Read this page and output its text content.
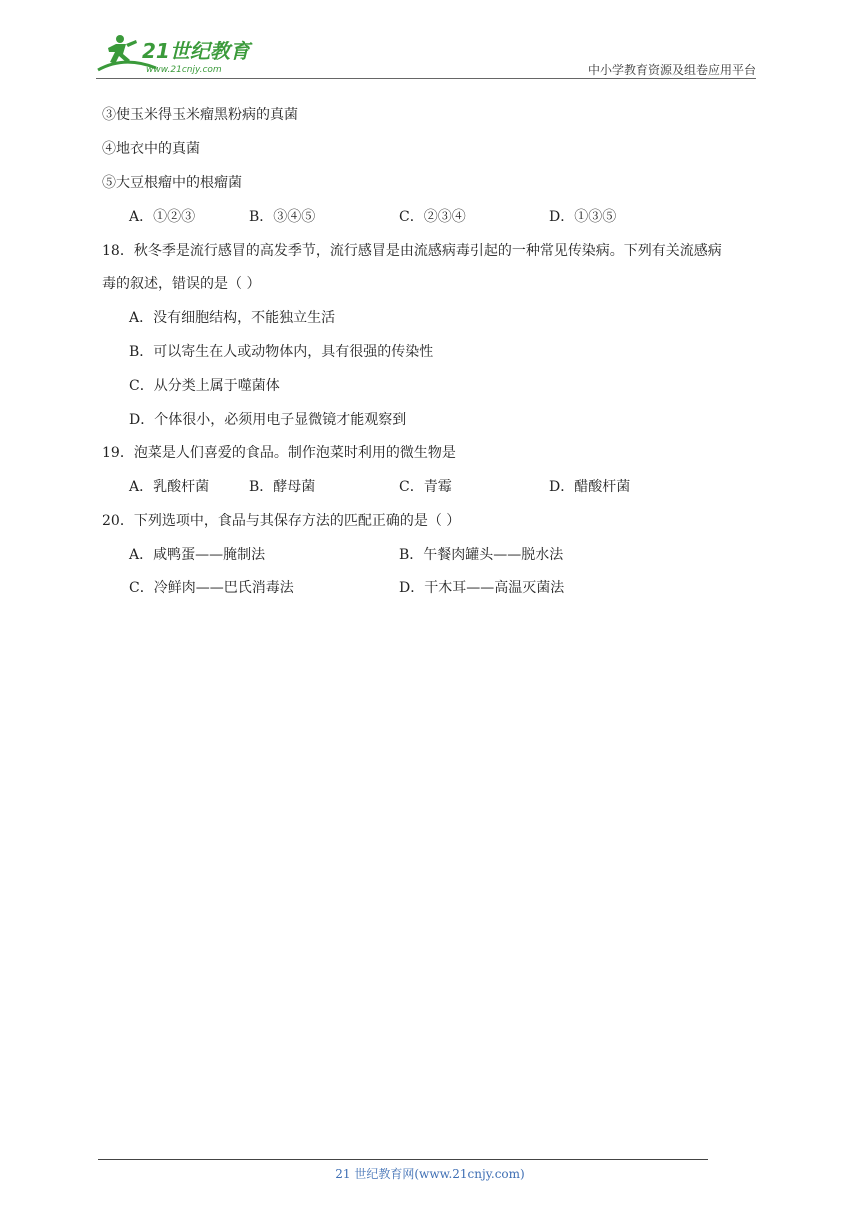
21世纪教育
www.21cnjy.com	中小学教育资源及组卷应用平台
③使玉米得玉米瘤黑粉病的真菌
④地衣中的真菌
⑤大豆根瘤中的根瘤菌
A．①②③	B．③④⑤	C．②③④	D．①③⑤
18．秋冬季是流行感冒的高发季节，流行感冒是由流感病毒引起的一种常见传染病。下列有关流感病
毒的叙述，错误的是（ ）
A．没有细胞结构，不能独立生活
B．可以寄生在人或动物体内，具有很强的传染性
C．从分类上属于噬菌体
D．个体很小，必须用电子显微镜才能观察到
19．泡菜是人们喜爱的食品。制作泡菜时利用的微生物是
A．乳酸杆菌	B．酵母菌	C．青霉	D．醋酸杆菌
20．下列选项中，食品与其保存方法的匹配正确的是（ ）
A．咸鸭蛋——腌制法	B．午餐肉罐头——脱水法
C．冷鲜肉——巴氏消毒法	D．干木耳——高温灭菌法
21 世纪教育网(www.21cnjy.com)
